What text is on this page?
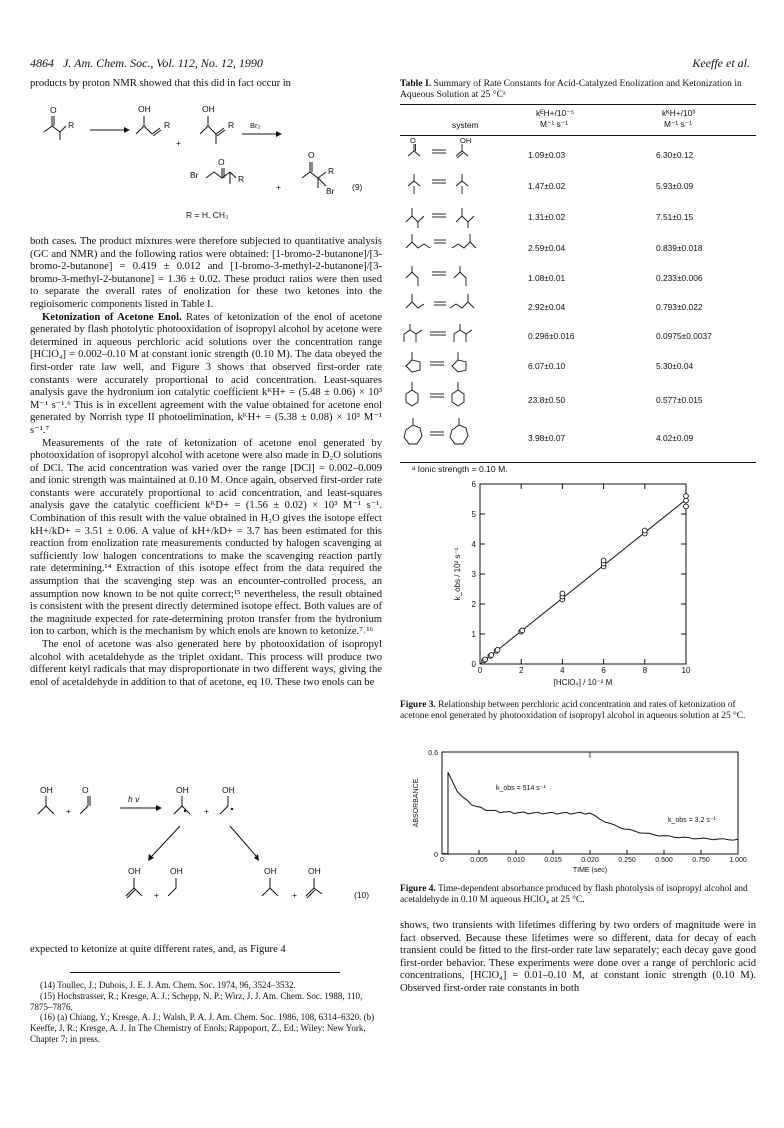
4864 J. Am. Chem. Soc., Vol. 112, No. 12, 1990	Keeffe et al.
products by proton NMR showed that this did in fact occur in
O
R
OH
R
+
OH
R Br₂
Br
O
R
+
O
R
Br (9)
R = H, CH₃

both cases. The product mixtures were therefore subjected to quantitative analysis (GC and NMR) and the following ratios were obtained: [1-bromo-2-butanone]/[3-bromo-2-butanone] = 0.419 ± 0.012 and [1-bromo-3-methyl-2-butanone]/[3-bromo-3-methyl-2-butanone] = 1.36 ± 0.02. These product ratios were then used to separate the overall rates of enolization for these two ketones into the regioisomeric components listed in Table I.

Ketonization of Acetone Enol. Rates of ketonization of the enol of acetone generated by flash photolytic photooxidation of isopropyl alcohol by acetone were determined in aqueous perchloric acid solutions over the concentration range [HClO₄] = 0.002–0.10 M at constant ionic strength (0.10 M). The data obeyed the first-order rate law well, and Figure 3 shows that observed first-order rate constants were accurately proportional to acid concentration. Least-squares analysis gave the hydronium ion catalytic coefficient kᴷH+ = (5.48 ± 0.06) × 10³ M⁻¹ s⁻¹.⁶ This is in excellent agreement with the value obtained for acetone enol generated by Norrish type II photoelimination, kᴷH+ = (5.38 ± 0.08) × 10³ M⁻¹ s⁻¹.⁷

Measurements of the rate of ketonization of acetone enol generated by photooxidation of isopropyl alcohol with acetone were also made in D₂O solutions of DCl. The acid concentration was varied over the range [DCl] = 0.002–0.009 and ionic strength was maintained at 0.10 M. Once again, observed first-order rate constants were accurately proportional to acid concentration, and least-squares analysis gave the catalytic coefficient kᴷD+ = (1.56 ± 0.02) × 10³ M⁻¹ s⁻¹. Combination of this result with the value obtained in H₂O gives the isotope effect kH+/kD+ = 3.51 ± 0.06. A value of kH+/kD+ = 3.7 has been estimated for this reaction from enolization rate measurements conducted by halogen scavenging at sufficiently low halogen concentrations to make the scavenging reaction partly rate determining.¹⁴ Extraction of this isotope effect from the data required the assumption that the scavenging step was an encounter-controlled process, an assumption now known to be not quite correct;¹⁵ nevertheless, the result obtained is consistent with the present directly determined isotope effect. Both values are of the magnitude expected for rate-determining proton transfer from the hydronium ion to carbon, which is the mechanism by which enols are known to ketonize.⁷˒¹⁶

The enol of acetone was also generated here by photooxidation of isopropyl alcohol with acetaldehyde as the triplet oxidant. This process will produce two different ketyl radicals that may disproportionate in two different ways, giving the enol of acetaldehyde in addition to that of acetone, eq 10. These two enols can be

OH
+
O
h v
OH
+
OH
OH
+
OH	OH
+
OH
(10)
expected to ketonize at quite different rates, and, as Figure 4
(14) Toullec, J.; Dubois, J. E. J. Am. Chem. Soc. 1974, 96, 3524–3532.
(15) Hochstrasser, R.; Kresge, A. J.; Schepp, N. P.; Wirz, J. J. Am. Chem. Soc. 1988, 110, 7875–7876.
(16) (a) Chiang, Y.; Kresge, A. J.; Walsh, P. A. J. Am. Chem. Soc. 1986, 108, 6314–6320. (b) Keeffe, J. R.; Kresge, A. J. In The Chemistry of Enols; Rappoport, Z., Ed.; Wiley: New York, Chapter 7; in press.
Table I. Summary of Rate Constants for Acid-Catalyzed Enolization and Ketonization in Aqueous Solution at 25 °Cᵃ
system
kᴱH+/10⁻⁵
M⁻¹ s⁻¹
kᴷH+/10³
M⁻¹ s⁻¹
O	OH
	1.09±0.03	6.30±0.12
	1.47±0.02	5.93±0.09
	1.31±0.02	7.51±0.15
	2.59±0.04	0.839±0.018
	1.08±0.01	0.233±0.006
	2.92±0.04	0.793±0.022
	0.296±0.016	0.0975±0.0037
	6.07±0.10	5.30±0.04
	23.8±0.50	0.577±0.015
	3.98±0.07	4.02±0.09
ᵃ Ionic strength = 0.10 M.
0	2	4	6	8	10
1
2
3
4
5
6
0
[HClO₄] / 10⁻² M
k_obs / 10² s⁻¹
Figure 3. Relationship between perchloric acid concentration and rates of ketonization of acetone enol generated by photooxidation of isopropyl alcohol in aqueous solution at 25 °C.
0	0.005	0.010	0.015	0.020	0.250	0.500	0.750	1.000
0
0.6
k_obs = 514 s⁻¹
k_obs = 3.2 s⁻¹
TIME (sec)
ABSORBANCE
Figure 4. Time-dependent absorbance produced by flash photolysis of isopropyl alcohol and acetaldehyde in 0.10 M aqueous HClO₄ at 25 °C.
shows, two transients with lifetimes differing by two orders of magnitude were in fact observed. Because these lifetimes were so different, data for decay of each transient could be fitted to the first-order rate law separately; each decay gave good first-order behavior. These experiments were done over a range of perchloric acid concentrations, [HClO₄] = 0.01–0.10 M, at constant ionic strength (0.10 M). Observed first-order rate constants in both
